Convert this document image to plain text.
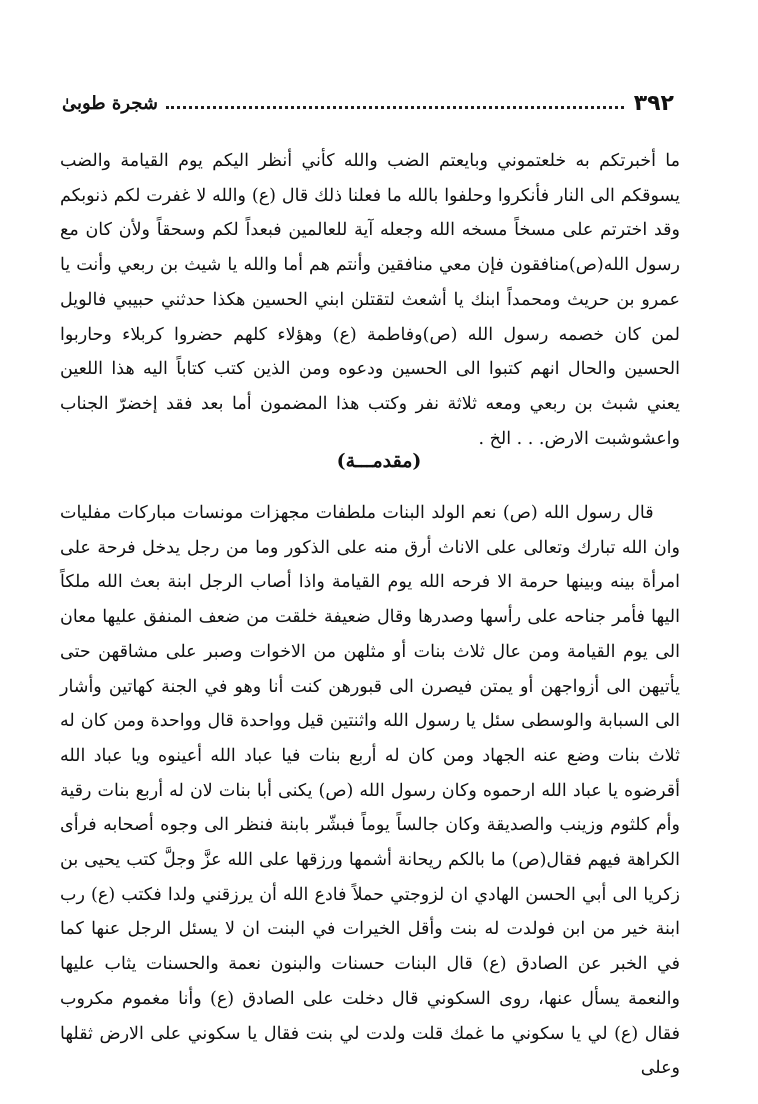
٣٩٢
شجرة طوبىٰ

ما أخبرتكم به خلعتموني وبايعتم الضب والله كأني أنظر اليكم يوم القيامة والضب يسوقكم الى النار فأنكروا وحلفوا بالله ما فعلنا ذلك قال (ع) والله لا غفرت لكم ذنوبكم وقد اخترتم على مسخاً مسخه الله وجعله آية للعالمين فبعداً لكم وسحقاً ولأن كان مع رسول الله(ص)منافقون فإن معي منافقين وأنتم هم أما والله يا شيث بن ربعي وأنت يا عمرو بن حريث ومحمداً ابنك يا أشعث لتقتلن ابني الحسين هكذا حدثني حبيبي فالويل لمن كان خصمه رسول الله (ص)وفاطمة (ع) وهؤلاء كلهم حضروا كربلاء وحاربوا الحسين والحال انهم كتبوا الى الحسين ودعوه ومن الذين كتب كتاباً اليه هذا اللعين يعني شبث بن ربعي ومعه ثلاثة نفر وكتب هذا المضمون أما بعد فقد إخضرّ الجناب واعشوشبت الارض. . . الخ .

(مقدمـــة)
قال رسول الله (ص) نعم الولد البنات ملطفات مجهزات مونسات مباركات مفليات وان الله تبارك وتعالى على الاناث أرق منه على الذكور وما من رجل يدخل فرحة على امرأة بينه وبينها حرمة الا فرحه الله يوم القيامة واذا أصاب الرجل ابنة بعث الله ملكاً اليها فأمر جناحه على رأسها وصدرها وقال ضعيفة خلقت من ضعف المنفق عليها معان الى يوم القيامة ومن عال ثلاث بنات أو مثلهن من الاخوات وصبر على مشاقهن حتى يأتيهن الى أزواجهن أو يمتن فيصرن الى قبورهن كنت أنا وهو في الجنة كهاتين وأشار الى السبابة والوسطى سئل يا رسول الله واثنتين قيل وواحدة قال وواحدة ومن كان له ثلاث بنات وضع عنه الجهاد ومن كان له أربع بنات فيا عباد الله أعينوه ويا عباد الله أقرضوه يا عباد الله ارحموه وكان رسول الله (ص) يكنى أبا بنات لان له أربع بنات رقية وأم كلثوم وزينب والصديقة وكان جالساً يوماً فبشّر بابنة فنظر الى وجوه أصحابه فرأى الكراهة فيهم فقال(ص) ما بالكم ريحانة أشمها ورزقها على الله عزَّ وجلَّ كتب يحيى بن زكريا الى أبي الحسن الهادي ان لزوجتي حملاً فادع الله أن يرزقني ولدا فكتب (ع) رب ابنة خير من ابن فولدت له بنت وأقل الخيرات في البنت ان لا يسئل الرجل عنها كما في الخبر عن الصادق (ع) قال البنات حسنات والبنون نعمة والحسنات يثاب عليها والنعمة يسأل عنها، روى السكوني قال دخلت على الصادق (ع) وأنا مغموم مكروب فقال (ع) لي يا سكوني ما غمك قلت ولدت لي بنت فقال يا سكوني على الارض ثقلها وعلى
